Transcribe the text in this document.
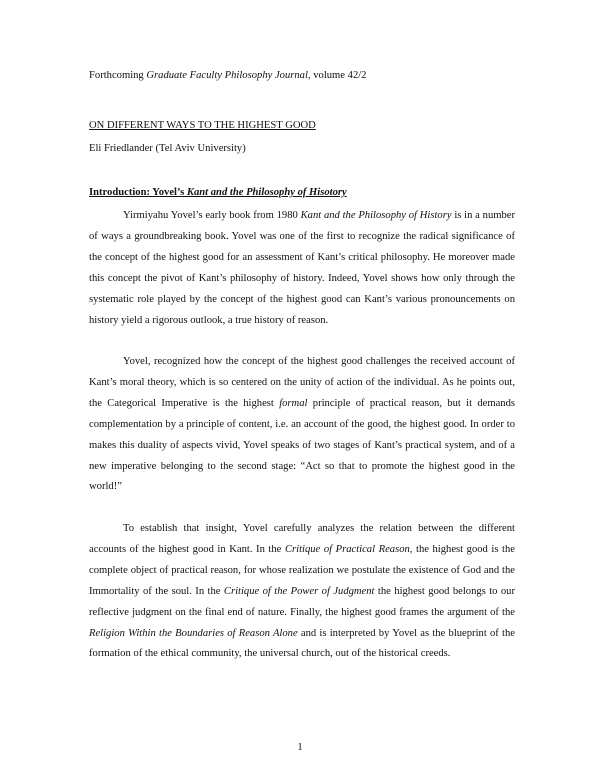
Forthcoming Graduate Faculty Philosophy Journal, volume 42/2
ON DIFFERENT WAYS TO THE HIGHEST GOOD
Eli Friedlander (Tel Aviv University)
Introduction: Yovel’s Kant and the Philosophy of Hisotory

Yirmiyahu Yovel’s early book from 1980 Kant and the Philosophy of History is in a number of ways a groundbreaking book. Yovel was one of the first to recognize the radical significance of the concept of the highest good for an assessment of Kant’s critical philosophy. He moreover made this concept the pivot of Kant’s philosophy of history. Indeed, Yovel shows how only through the systematic role played by the concept of the highest good can Kant’s various pronouncements on history yield a rigorous outlook, a true history of reason.

Yovel, recognized how the concept of the highest good challenges the received account of Kant’s moral theory, which is so centered on the unity of action of the individual. As he points out, the Categorical Imperative is the highest formal principle of practical reason, but it demands complementation by a principle of content, i.e. an account of the good, the highest good. In order to makes this duality of aspects vivid, Yovel speaks of two stages of Kant’s practical system, and of a new imperative belonging to the second stage: “Act so that to promote the highest good in the world!”

To establish that insight, Yovel carefully analyzes the relation between the different accounts of the highest good in Kant. In the Critique of Practical Reason, the highest good is the complete object of practical reason, for whose realization we postulate the existence of God and the Immortality of the soul. In the Critique of the Power of Judgment the highest good belongs to our reflective judgment on the final end of nature. Finally, the highest good frames the argument of the Religion Within the Boundaries of Reason Alone and is interpreted by Yovel as the blueprint of the formation of the ethical community, the universal church, out of the historical creeds.

1
